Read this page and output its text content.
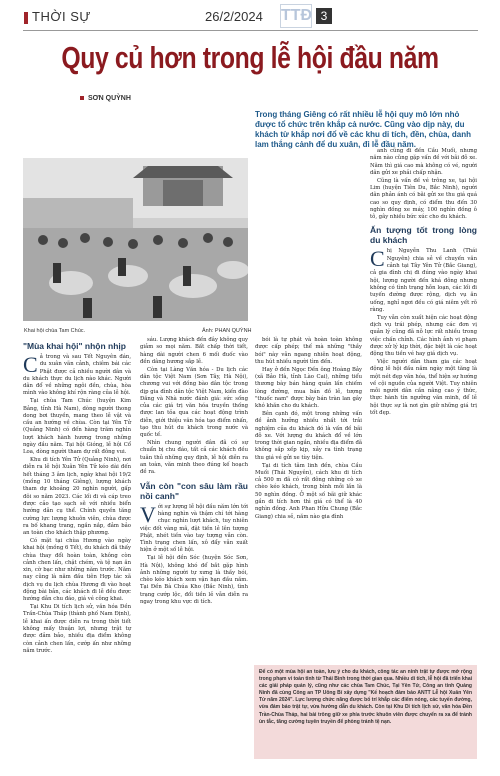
THỜI SỰ	26/2/2024 TTĐ 3
Quy củ hơn trong lễ hội đầu năm
SƠN QUỲNH
Trong tháng Giêng có rất nhiều lễ hội quy mô lớn nhỏ được tổ chức trên khắp cả nước. Cũng vào dịp này, du khách từ khắp nơi đổ về các khu di tích, đền, chùa, danh lam thắng cảnh để du xuân, đi lễ đầu năm.
Khai hội chùa Tam Chúc.	Ảnh: PHAN QUỲNH
"Mùa khai hội" nhộn nhịp

Cả trong và sau Tết Nguyên đán, du xuân vãn cảnh, chiêm bái các Phật được cả nhiều người dân và du khách thực du lịch nào khác. Người dân đổ về những ngôi đền, chùa, hòa mình vào không khí rộn ràng của lễ hội.

Tại chùa Tam Chúc (huyện Kim Bảng, tỉnh Hà Nam), dòng người thong dong bơi thuyền, mang theo lễ vật và cầu an hướng về chùa. Còn tại Yên Tử (Quảng Ninh) có đến hàng trăm nghìn lượt khách hành hương trong những ngày đầu năm. Tại hội Gióng, lễ hội Cổ Loa, dòng người tham dự rất đông vui.

Khu di tích Yên Tử (Quảng Ninh), nơi diễn ra lễ hội Xuân Yên Tử kéo dài đến hết tháng 3 âm lịch, ngày khai hội 19/2 (mồng 10 tháng Giêng), lượng khách tham dự khoảng 20 nghìn người, gấp đôi so năm 2023. Các lối đi và cáp treo được cảo tạo sạch sẽ với nhiều biển hướng dẫn cụ thể. Chính quyền tăng cường lực lượng khuôn viên, chùa được ra bố khang trang, ngắn nắp, đảm bảo an toàn cho khách thập phương.

Có mặt tại chùa Hương vào ngày khai hội (mồng 6 Tết), du khách đã thấy chùa thay đổi hoàn toàn, không còn cảnh chen lấn, chặt chém, và tệ nạn ăn xin, cờ bạc như những năm trước. Năm nay cũng là năm đầu tiên Hợp tác xã dịch vụ du lịch chùa Hương đi vào hoạt động bài bản, các khách đi lễ đều được hướng dẫn chu đáo, giá vé công khai.

Tại Khu Di tích lịch sử, văn hóa Đền Trần-Chùa Tháp (thành phố Nam Định), lễ khai ấn được diễn ra trong thời tiết không mấy thuận lợi, nhưng trật tự được đảm bảo, nhiều địa điểm không còn cảnh chen lấn, cướp ấn như những năm trước.

sáu. Lượng khách đến đây không quy giảm so mọi năm. Bất chấp thời tiết, hàng dài người chen 6 mối đuốc vào đền dâng hương sắp lễ.

Còn tại Làng Văn hóa - Du lịch các dân tộc Việt Nam (Sơn Tây, Hà Nội), chương vui với đồng bào dân tộc trong dịp gia đình dân tộc Việt Nam, kiến đào Đăng và Nhà nước đánh giá: sức sống của các giá trị văn hóa truyền thống được lan tỏa qua các hoạt động trình diễn, giới thiệu văn hóa tạo điểm nhấn, tạo thu hút du khách trong nước và quốc tế.

Nhìn chung người dân đã có sự chuẩn bị chu đáo, tất cả các khách đều tuân thủ những quy định, lễ hội diễn ra an toàn, văn minh theo đúng kế hoạch đề ra.

Vẫn còn "con sâu làm rầu nồi canh"

Với sự lượng lễ hội đầu năm lớn tới hàng nghìn và thậm chí tới hàng chục nghìn lượt khách, tuy nhiên việc đốt vàng mã, đặt tiền lẻ lên tượng Phật, nhét tiền vào tay tượng vẫn còn. Tình trạng chen lấn, xô đẩy vẫn xuất hiện ở một số lễ hội.

Tại lễ hội đền Sóc (huyện Sóc Sơn, Hà Nội), không khó để bắt gặp hình ảnh những người tự xưng là thầy bói, chèo kéo khách xem vận hạn đầu năm. Tại Đền Bà Chúa Kho (Bắc Ninh), tình trạng cướp lộc, đổi tiền lẻ vẫn diễn ra ngay trong khu vực di tích.

bói là tự phát và hoàn toàn không được cấp phép; thế mà những "thầy bói" này vẫn ngang nhiên hoạt động, thu hút nhiều người tìm đến.

Hay ở đền Ngọc Đền ông Hoàng Bảy (xã Bảo Hà, tỉnh Lào Cai), những tiểu thương bày bán hàng quán lấn chiếm lòng đường, mua bán đồ lễ, tượng "thuốc nam" được bày bán tràn lan gây khó khăn cho du khách.

Bên cạnh đó, một trong những vấn đề ảnh hưởng nhiều nhất tới trải nghiệm của du khách đó là vấn đề bãi đỗ xe. Với lượng du khách đổ về lớn trong thời gian ngắn, nhiều địa điểm đã không sắp xếp kịp, xảy ra tình trạng thu giá vé gửi xe tùy tiện.

Tại di tích tâm linh đền, chùa Cầu Muối (Thái Nguyên), cách khu di tích cả 500 m đã có rất đông những cò xe chèo kéo khách, trong bình mỗi lần là 50 nghìn đồng. Ở một số bãi giữ khác gần di tích hơn thì giá có thể là 40 nghìn đồng. Anh Phan Hữu Chung (Bắc Giang) chia sẻ, năm nào gia đình

anh cũng đi đền Cầu Muối, nhưng năm nào cũng gặp vấn đề với bãi đỗ xe. Năm thì giá cao mà không có vé, người dân gửi xe phải chấp nhận.

Cũng là vấn đề vé trông xe, tại hội Lim (huyện Tiên Du, Bắc Ninh), người dân phản ánh có bãi gửi xe thu giá quá cao so quy định, có điểm thu đến 30 nghìn đồng xe máy, 100 nghìn đồng ô tô, gây nhiều bức xúc cho du khách.

Ấn tượng tốt trong lòng du khách

Chị Nguyễn Thu Lanh (Thái Nguyên) chia sẻ về chuyến văn cảnh tại Tây Yên Tử (Bắc Giang), cả gia đình chị đi đúng vào ngày khai hội, lượng người đến khá đông nhưng không có tình trạng hỗn loạn, các lối đi tuyến đường được rộng, dịch vụ ăn uống, nghỉ ngơi đều có giá niêm yết rõ ràng.

Tuy vẫn còn xuất hiện các hoạt động dịch vụ trái phép, nhưng các đơn vị quản lý cũng đã nỗ lực rất nhiều trong việc chấn chỉnh. Các hình ảnh vi phạm được xử lý kịp thời, đặc biệt là các hoạt động thu tiền vé hay giá dịch vụ.

Việc người dân tham gia các hoạt động lễ hội đầu năm ngày một tăng là một nét đẹp văn hóa, thể hiện sự hướng về cội nguồn của người Việt. Tuy nhiên mỗi người dân cần nâng cao ý thức, thực hành tín ngưỡng văn minh, để lễ hội thực sự là nơi gìn giữ những giá trị tốt đẹp.

Để có một mùa hội an toàn, lưu ý cho du khách, công tác an ninh trật tự được mở rộng trong phạm vi toàn tỉnh từ Thái Bình trong thời gian qua. Nhiều di tích, lễ hội đã triển khai các giải pháp quản lý, cũng như các chùa Tam Chúc, Tại Yên Tử, Công an tỉnh Quảng Ninh đã cùng Công an TP Uông Bí xây dựng "Kế hoạch đảm bảo ANTT Lễ hội Xuân Yên Tử năm 2024". Lực lượng chức năng được bố trí khắp các điểm nóng, các tuyến đường, vừa đảm bảo trật tự, vừa hướng dẫn du khách. Còn tại Khu Di tích lịch sử, văn hóa Đền Trần-Chùa Tháp, hai bài trông giữ xe phía trước khuôn viên được chuyển ra xa để tránh ùn tắc, tăng cường tuyên truyền để phòng tránh tệ nạn.
